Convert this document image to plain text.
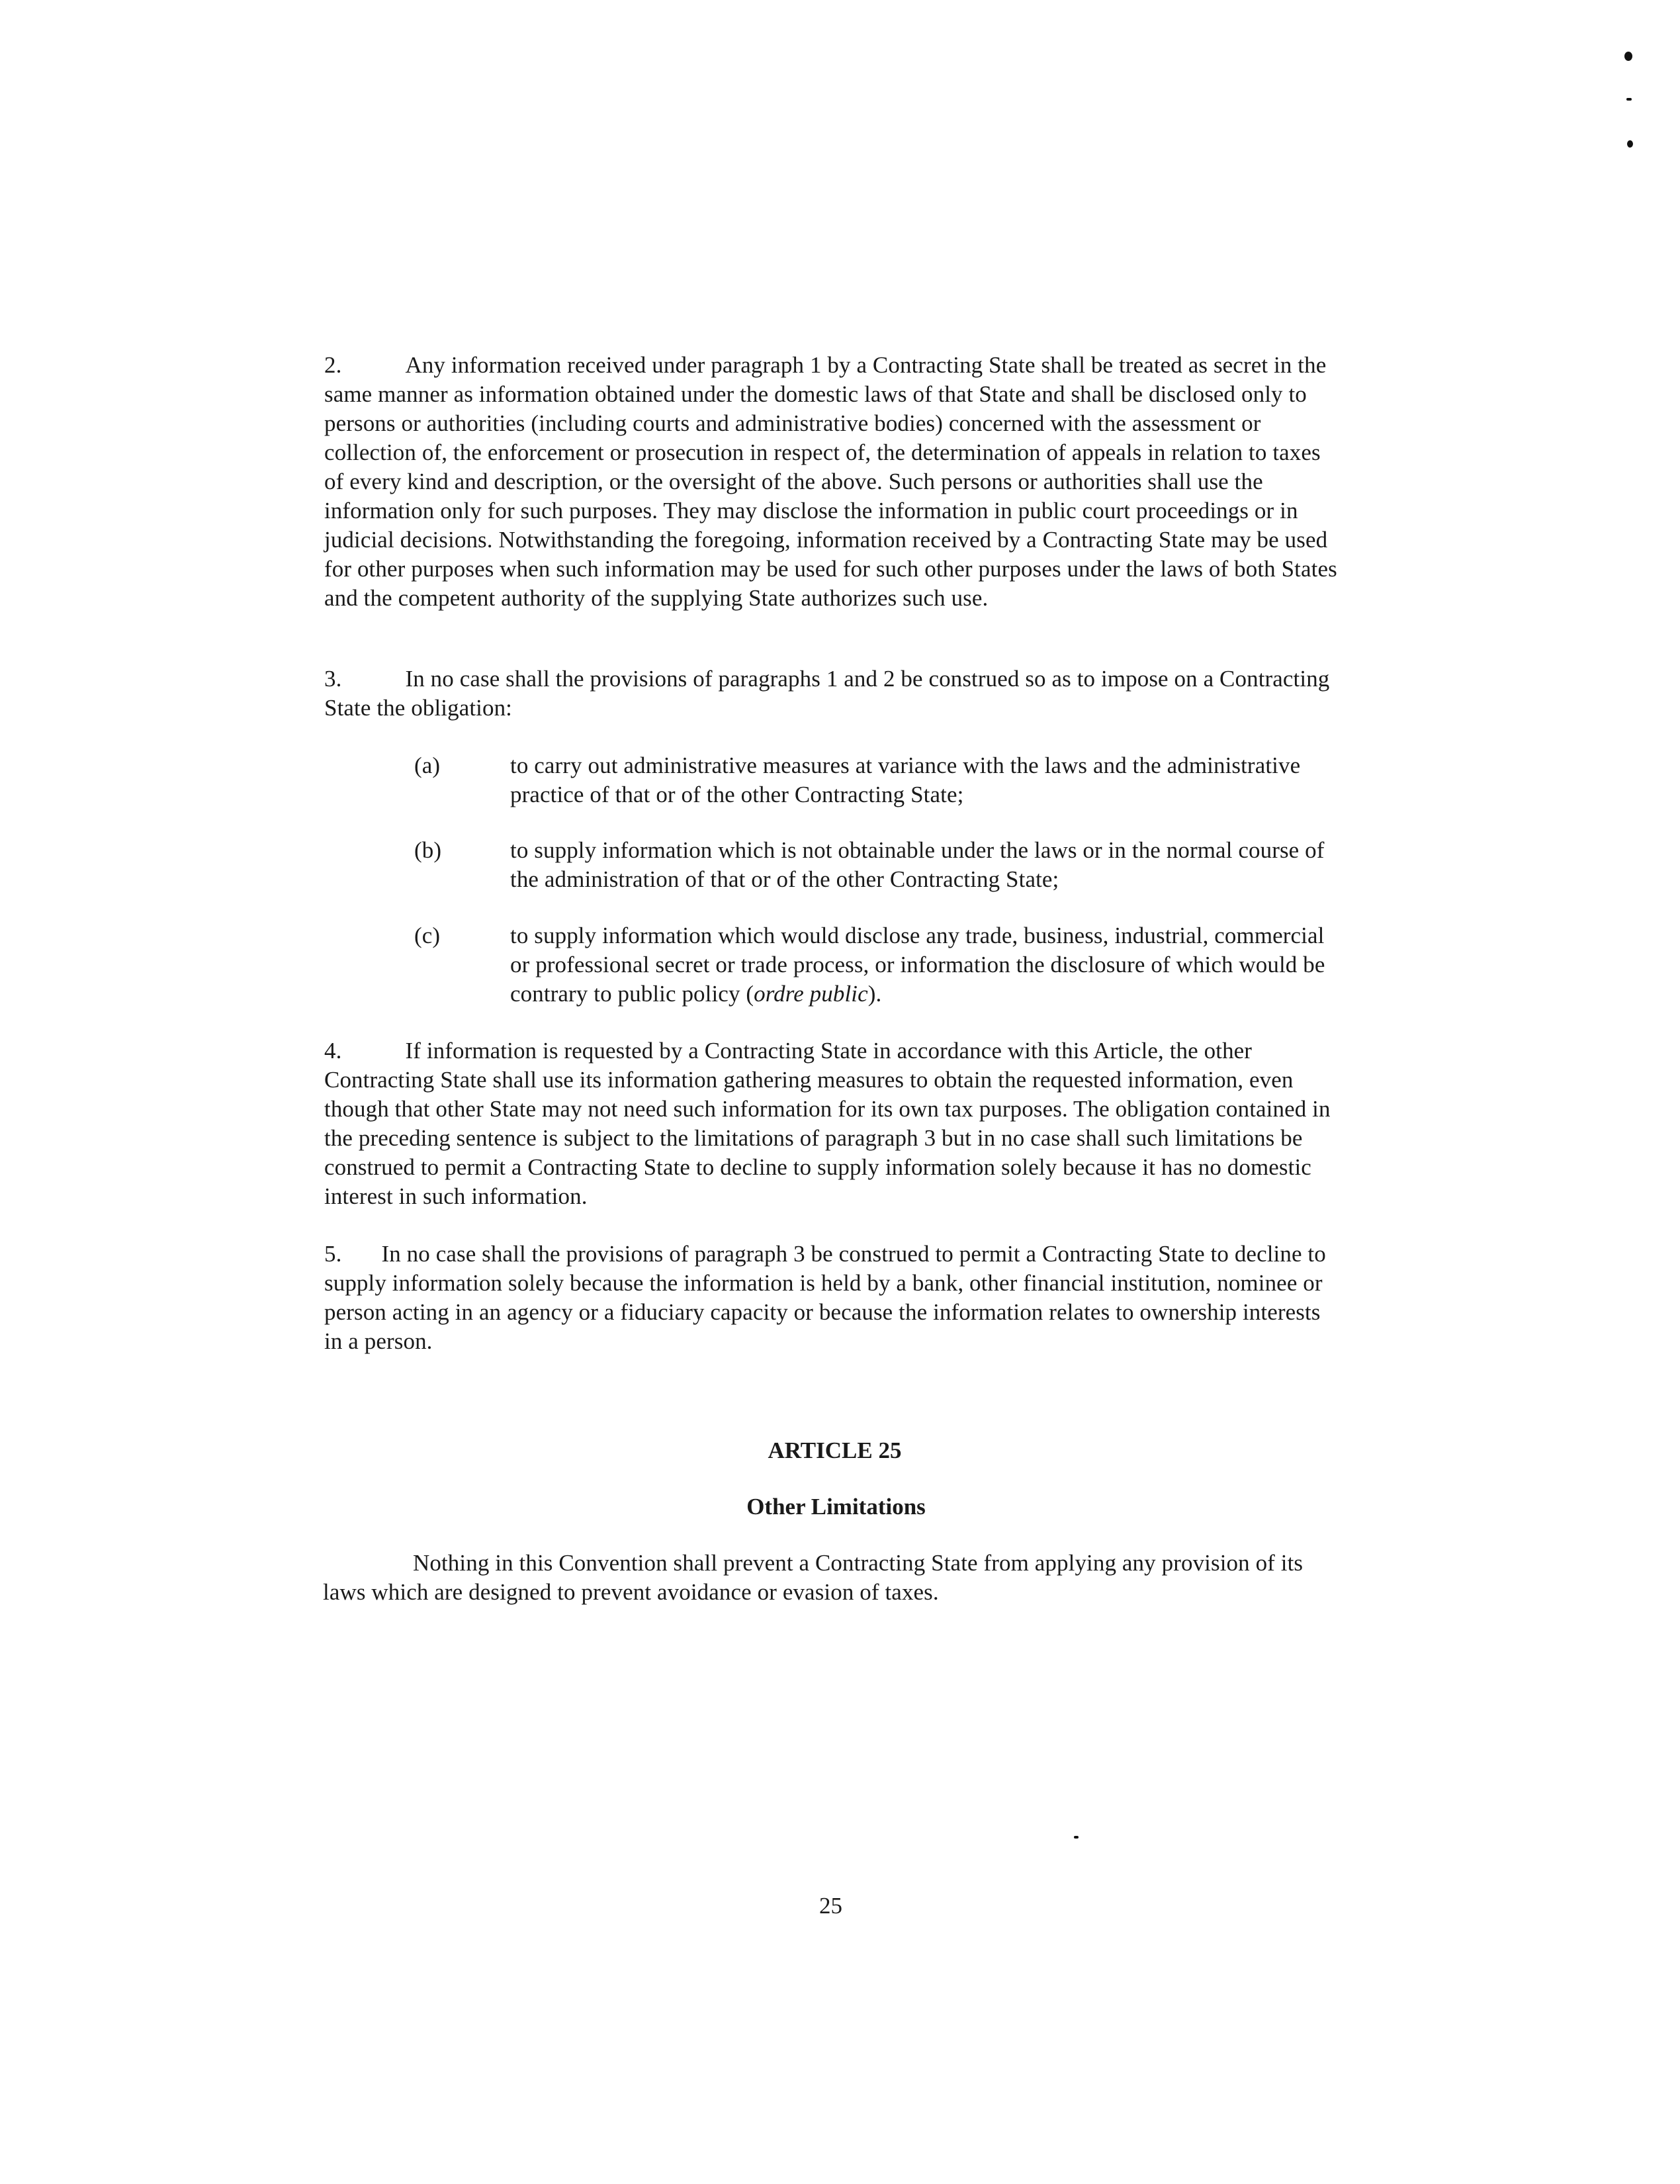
2.	Any information received under paragraph 1 by a Contracting State shall be treated as secret in the same manner as information obtained under the domestic laws of that State and shall be disclosed only to persons or authorities (including courts and administrative bodies) concerned with the assessment or collection of, the enforcement or prosecution in respect of, the determination of appeals in relation to taxes of every kind and description, or the oversight of the above. Such persons or authorities shall use the information only for such purposes. They may disclose the information in public court proceedings or in judicial decisions. Notwithstanding the foregoing, information received by a Contracting State may be used for other purposes when such information may be used for such other purposes under the laws of both States and the competent authority of the supplying State authorizes such use.

3.	In no case shall the provisions of paragraphs 1 and 2 be construed so as to impose on a Contracting State the obligation:

(a)	to carry out administrative measures at variance with the laws and the administrative practice of that or of the other Contracting State;
(b)	to supply information which is not obtainable under the laws or in the normal course of the administration of that or of the other Contracting State;
(c)	to supply information which would disclose any trade, business, industrial, commercial or professional secret or trade process, or information the disclosure of which would be contrary to public policy (ordre public).

4.	If information is requested by a Contracting State in accordance with this Article, the other Contracting State shall use its information gathering measures to obtain the requested information, even though that other State may not need such information for its own tax purposes. The obligation contained in the preceding sentence is subject to the limitations of paragraph 3 but in no case shall such limitations be construed to permit a Contracting State to decline to supply information solely because it has no domestic interest in such information.

5. In no case shall the provisions of paragraph 3 be construed to permit a Contracting State to decline to supply information solely because the information is held by a bank, other financial institution, nominee or person acting in an agency or a fiduciary capacity or because the information relates to ownership interests in a person.

ARTICLE 25

Other Limitations

Nothing in this Convention shall prevent a Contracting State from applying any provision of its laws which are designed to prevent avoidance or evasion of taxes.

25
